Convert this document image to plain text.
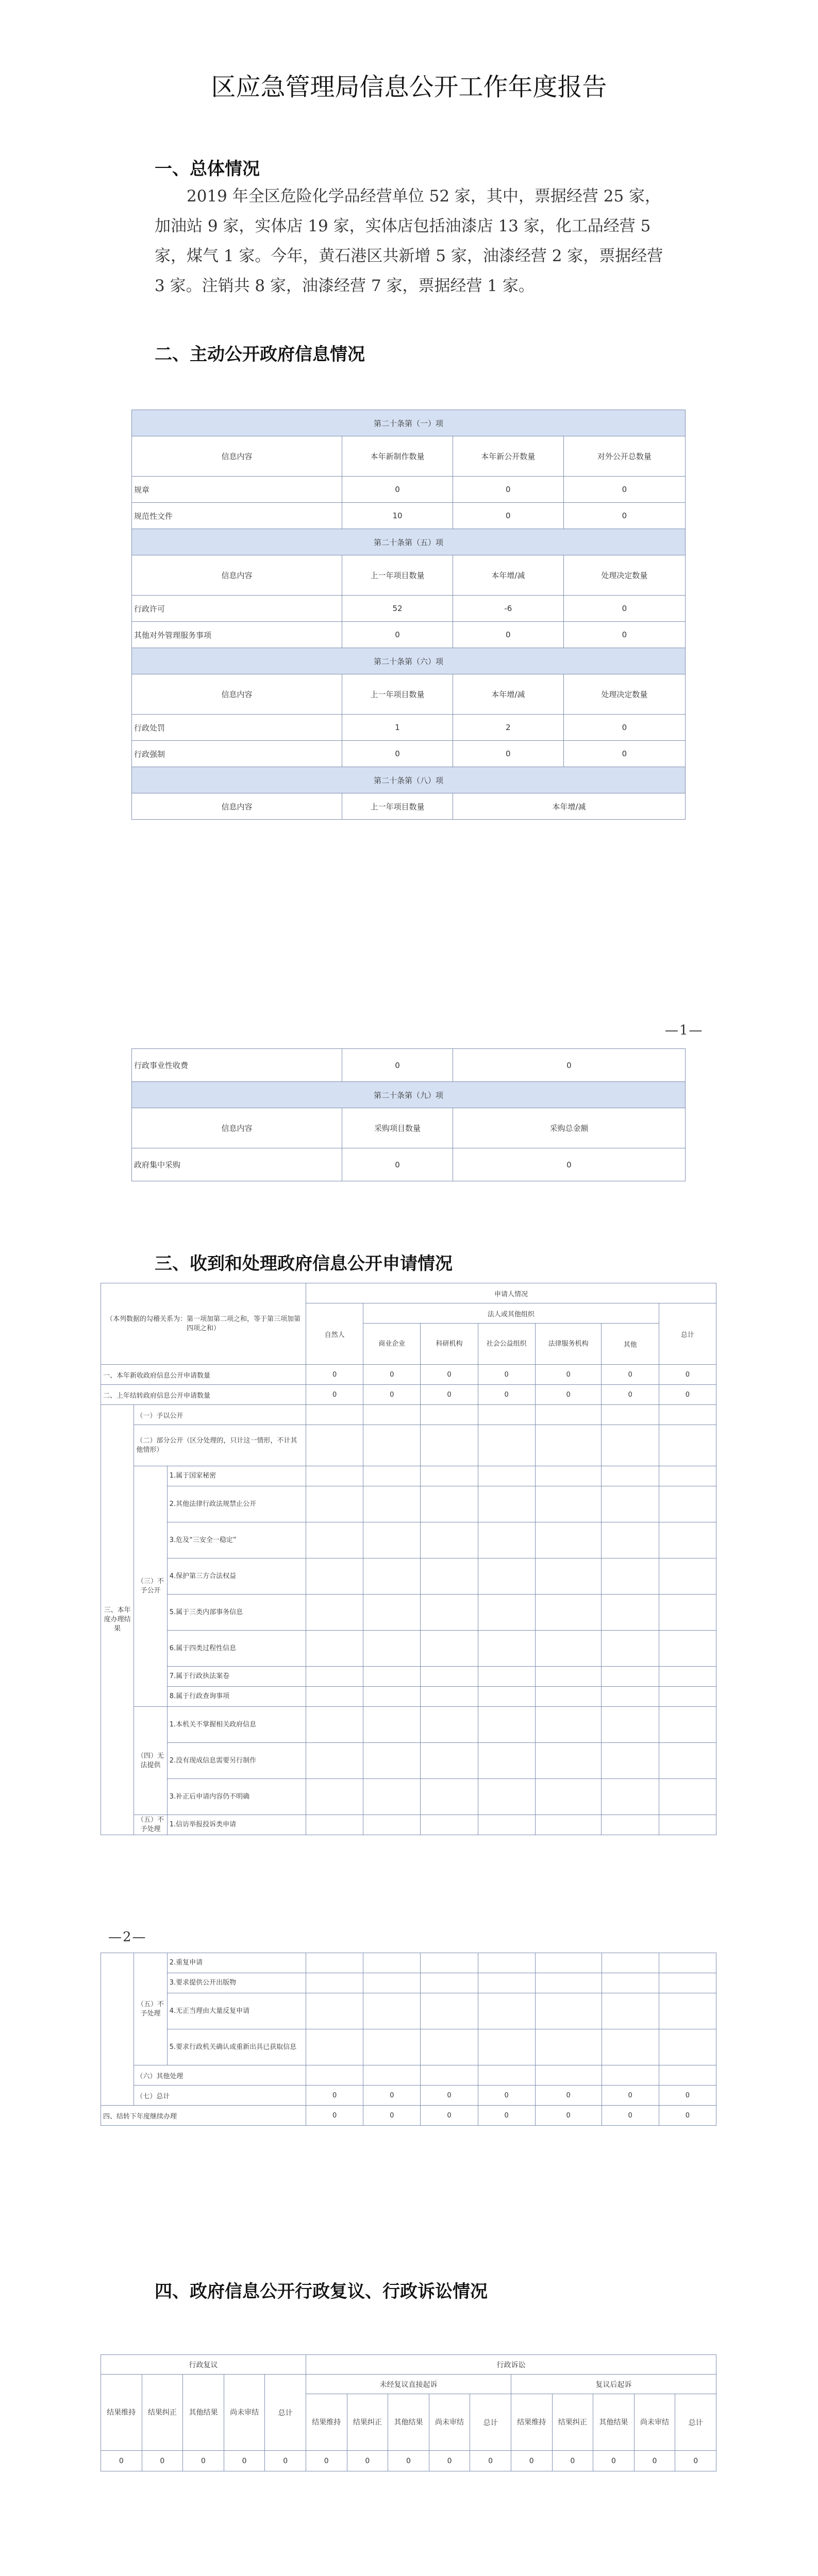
区应急管理局信息公开工作年度报告
一、总体情况

2019 年全区危险化学品经营单位 52 家，其中，票据经营 25 家，加油站 9 家，实体店 19 家，实体店包括油漆店 13 家，化工品经营 5 家，煤气 1 家。今年，黄石港区共新增 5 家，油漆经营 2 家，票据经营 3 家。注销共 8 家，油漆经营 7 家，票据经营 1 家。

二、主动公开政府信息情况
第二十条第（一）项			
信息内容	本年新制作数量	本年新公开数量	对外公开总数量
规章	0	0	0
规范性文件	10	0	0
第二十条第（五）项			
信息内容	上一年项目数量	本年增/减	处理决定数量
行政许可	52	-6	0
其他对外管理服务事项	0	0	0
第二十条第（六）项			
信息内容	上一年项目数量	本年增/减	处理决定数量
行政处罚	1	2	0
行政强制	0	0	0
第二十条第（八）项			
信息内容	上一年项目数量	本年增/减	
—1—
行政事业性收费	0	0
第二十条第（九）项		
信息内容	采购项目数量	采购总金额
政府集中采购	0	0
三、收到和处理政府信息公开申请情况
（本列数据的勾稽关系为：第一项加第二项之和，等于第三项加第四项之和）			申请人情况						
			自然人	法人或其他组织					总计
				商业企业	科研机构	社会公益组织	法律服务机构	其他	
一、本年新收政府信息公开申请数量			0	0	0	0	0	0	0
二、上年结转政府信息公开申请数量			0	0	0	0	0	0	0
三、本年度办理结果	（一）予以公开								
	（二）部分公开（区分处理的，只计这一情形，不计其他情形）								
	（三）不予公开	1.属于国家秘密							
		2.其他法律行政法规禁止公开							
		3.危及“三安全一稳定”							
		4.保护第三方合法权益							
		5.属于三类内部事务信息							
		6.属于四类过程性信息							
		7.属于行政执法案卷							
		8.属于行政查询事项							
	（四）无法提供	1.本机关不掌握相关政府信息							
		2.没有现成信息需要另行制作							
		3.补正后申请内容仍不明确							
	（五）不予处理	1.信访举报投诉类申请							
—2—
	（五）不予处理	2.重复申请							
		3.要求提供公开出版物							
		4.无正当理由大量反复申请							
		5.要求行政机关确认或重新出具已获取信息							
	（六）其他处理								
	（七）总计		0	0	0	0	0	0	0

四、结转下年度继续办理			0	0	0	0	0	0	0
四、政府信息公开行政复议、行政诉讼情况
行政复议					行政诉讼									
结果维持	结果纠正	其他结果	尚未审结	总计	未经复议直接起诉					复议后起诉				
					结果维持	结果纠正	其他结果	尚未审结	总计	结果维持	结果纠正	其他结果	尚未审结	总计
0	0	0	0	0	0	0	0	0	0	0	0	0	0	0
